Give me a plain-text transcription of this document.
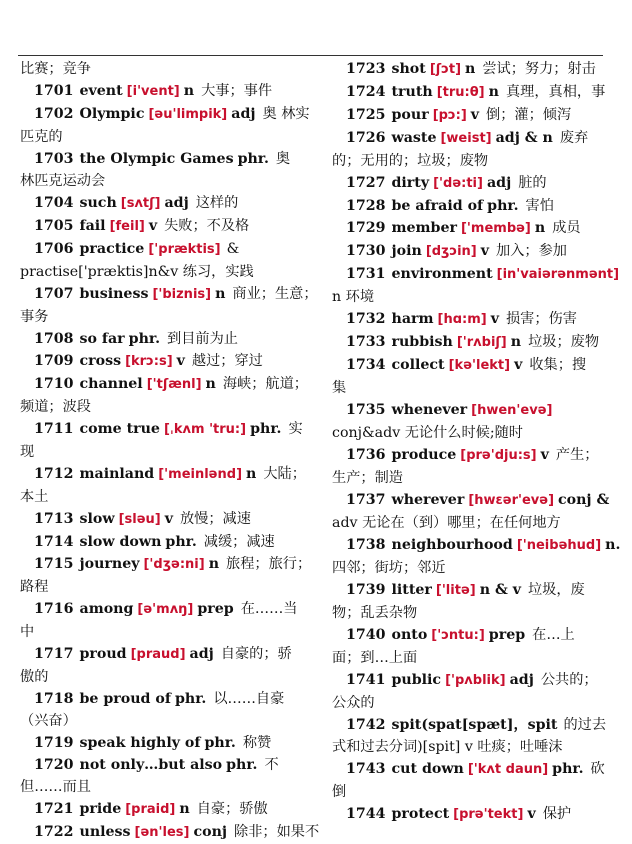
比赛；竞争
1701 event [i'vent] n 大事；事件
1702 Olympic [əu'limpik] adj 奥 林实
匹克的
1703 the Olympic Games phr. 奥
林匹克运动会
1704 such [sʌtʃ] adj 这样的
1705 fail [feil] v 失败；不及格
1706 practice ['præktis] &
practise['præktis]n&v 练习，实践
1707 business ['biznis] n 商业；生意；
事务
1708 so far phr. 到目前为止
1709 cross [krɔ:s] v 越过；穿过
1710 channel ['tʃænl] n 海峡；航道；
频道；波段
1711 come true [ˌkʌm 'tru:] phr. 实
现
1712 mainland ['meinlənd] n 大陆；
本土
1713 slow [sləu] v 放慢；减速
1714 slow down phr. 减缓；减速
1715 journey ['dʒə:ni] n 旅程；旅行；
路程
1716 among [ə'mʌŋ] prep 在……当
中
1717 proud [praud] adj 自豪的；骄
傲的
1718 be proud of phr. 以……自豪
（兴奋）
1719 speak highly of phr. 称赞
1720 not only…but also phr. 不
但……而且
1721 pride [praid] n 自豪；骄傲
1722 unless [ən'les] conj 除非；如果不
1723 shot [ʃɔt] n 尝试；努力；射击
1724 truth [tru:θ] n 真理，真相，事
1725 pour [pɔ:] v 倒；灌；倾泻
1726 waste [weist] adj & n 废弃
的；无用的；垃圾；废物
1727 dirty ['də:ti] adj 脏的
1728 be afraid of phr. 害怕
1729 member ['membə] n 成员
1730 join [dʒɔin] v 加入；参加
1731 environment [in'vaiərənmənt]
n 环境
1732 harm [hɑ:m] v 损害；伤害
1733 rubbish ['rʌbiʃ] n 垃圾；废物
1734 collect [kə'lekt] v 收集；搜
集
1735 whenever [hwen'evə]
conj&adv 无论什么时候;随时
1736 produce [prə'dju:s] v 产生；
生产；制造
1737 wherever [hwɛər'evə] conj &
adv 无论在（到）哪里；在任何地方
1738 neighbourhood ['neibəhud] n.
四邻；街坊；邻近
1739 litter ['litə] n & v 垃圾，废
物；乱丢杂物
1740 onto ['ɔntu:] prep 在…上
面；到…上面
1741 public ['pʌblik] adj 公共的；
公众的
1742 spit(spat[spæt]，spit 的过去
式和过去分词)[spit] v 吐痰；吐唾沫
1743 cut down ['kʌt daun] phr. 砍
倒
1744 protect [prə'tekt] v 保护
